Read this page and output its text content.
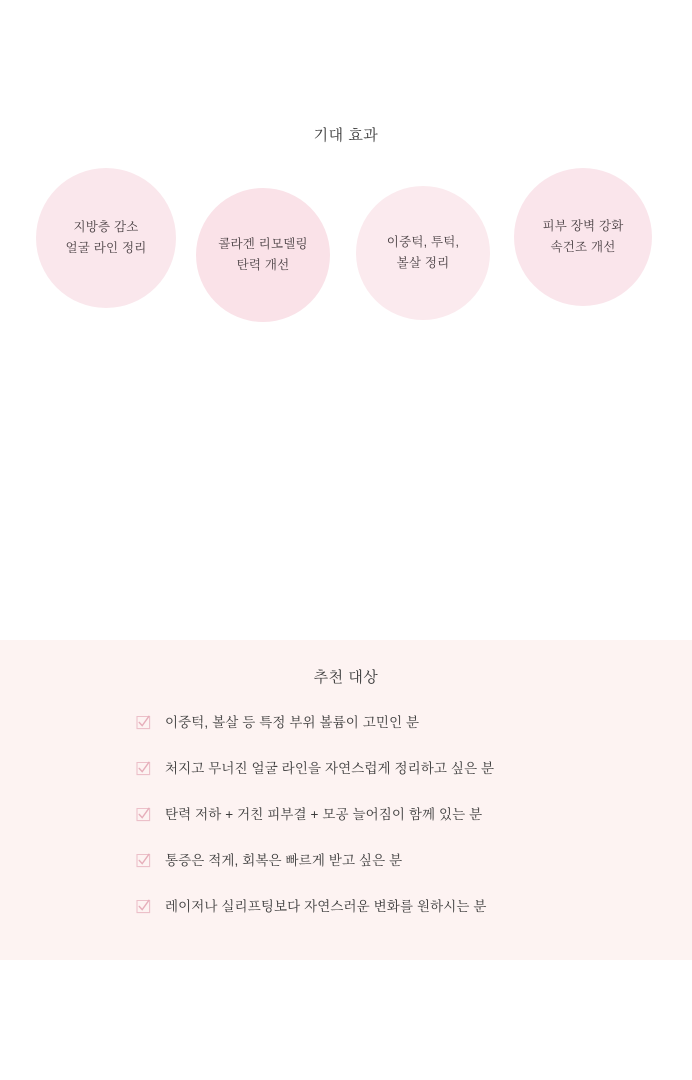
기대 효과
지방층 감소
얼굴 라인 정리	콜라겐 리모델링
탄력 개선
이중턱, 투턱,
볼살 정리
피부 장벽 강화
속건조 개선
추천 대상
이중턱, 볼살 등 특정 부위 볼륨이 고민인 분
처지고 무너진 얼굴 라인을 자연스럽게 정리하고 싶은 분
탄력 저하 + 거친 피부결 + 모공 늘어짐이 함께 있는 분
통증은 적게, 회복은 빠르게 받고 싶은 분
레이저나 실리프팅보다 자연스러운 변화를 원하시는 분
